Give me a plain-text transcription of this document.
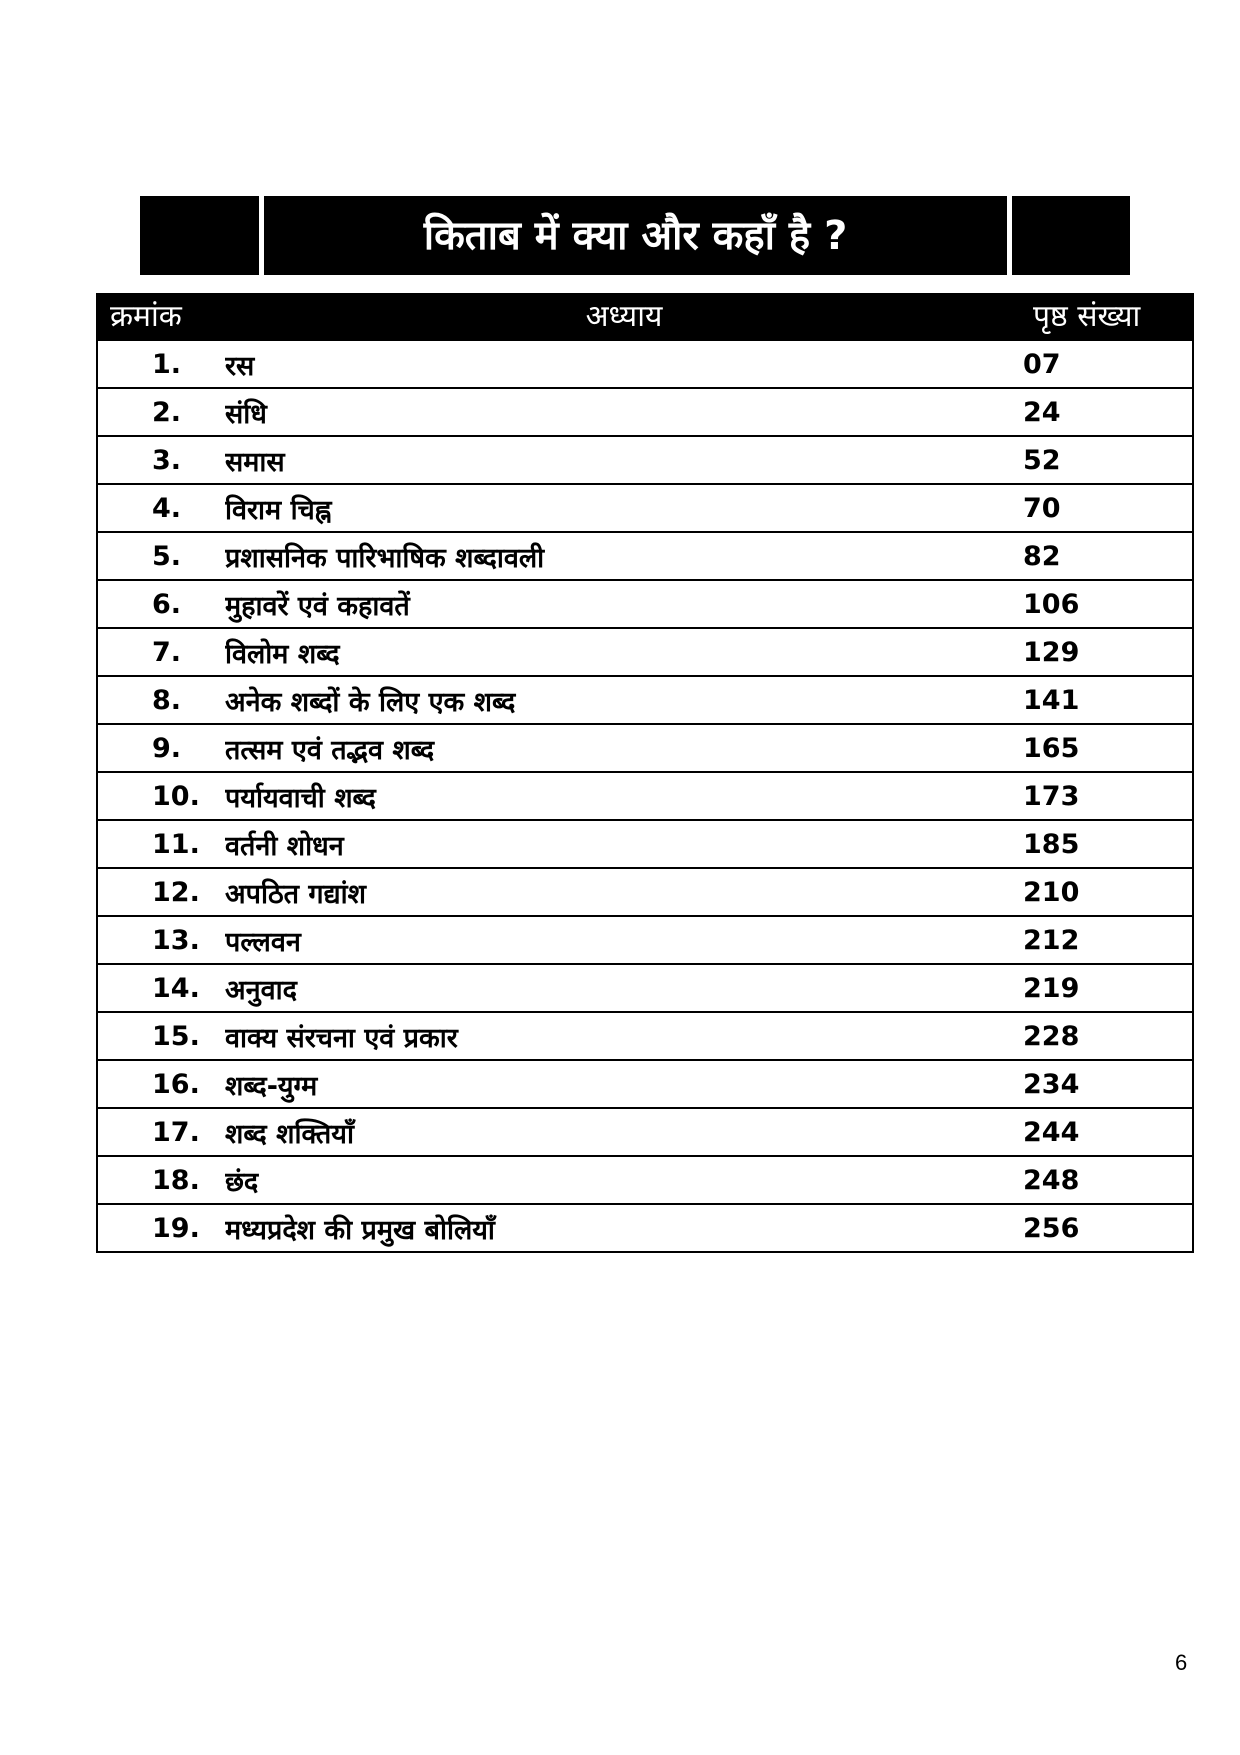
किताब में क्या और कहाँ है ?
क्रमांक	अध्याय	पृष्ठ संख्या
1.	रस	07
2.	संधि	24
3.	समास	52
4.	विराम चिह्न	70
5.	प्रशासनिक पारिभाषिक शब्दावली	82
6.	मुहावरें एवं कहावतें	106
7.	विलोम शब्द	129
8.	अनेक शब्दों के लिए एक शब्द	141
9.	तत्सम एवं तद्भव शब्द	165
10.	पर्यायवाची शब्द	173
11.	वर्तनी शोधन	185
12.	अपठित गद्यांश	210
13.	पल्लवन	212
14.	अनुवाद	219
15.	वाक्य संरचना एवं प्रकार	228
16.	शब्द-युग्म	234
17.	शब्द शक्तियाँ	244
18.	छंद	248
19.	मध्यप्रदेश की प्रमुख बोलियाँ	256
6
